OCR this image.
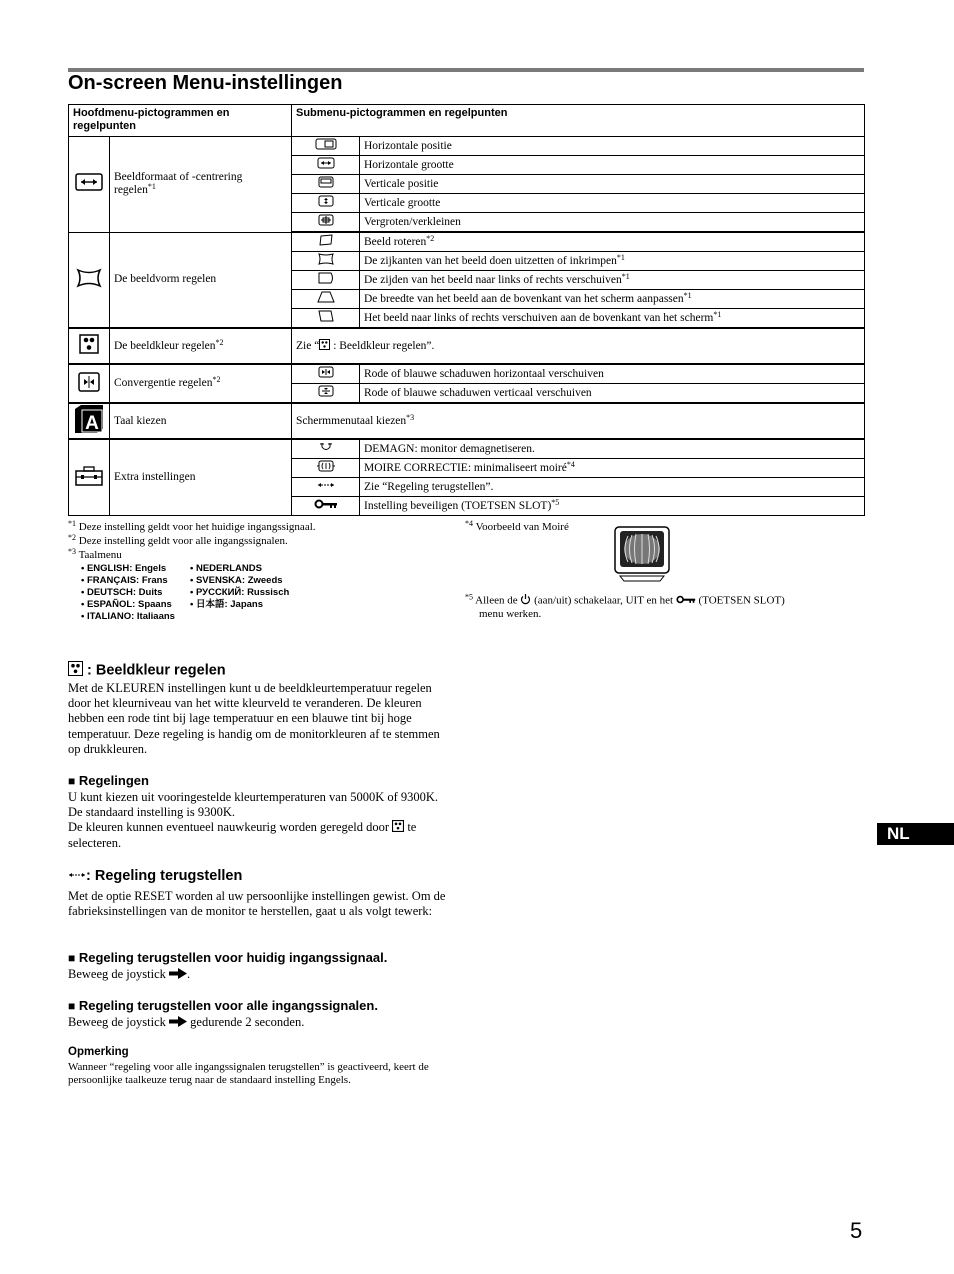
On-screen Menu-instellingen
Hoofdmenu-pictogrammen en regelpunten		Submenu-pictogrammen en regelpunten	
	Beeldformaat of -centrering regelen$^{*1}$		Horizontale positie
	Horizontale grootte
	Verticale positie
	Verticale grootte
	Vergroten/verkleinen
	De beeldvorm regelen		Beeld roteren$^{*2}$
	De zijkanten van het beeld doen uitzetten of inkrimpen$^{*1}$
	De zijden van het beeld naar links of rechts verschuiven$^{*1}$
	De breedte van het beeld aan de bovenkant van het scherm aanpassen$^{*1}$
	Het beeld naar links of rechts verschuiven aan de bovenkant van het scherm$^{*1}$
	De beeldkleur regelen$^{*2}$	Zie “ : Beeldkleur regelen”.	
	Convergentie regelen$^{*2}$		Rode of blauwe schaduwen horizontaal verschuiven
	Rode of blauwe schaduwen verticaal verschuiven

A	Taal kiezen	Schermmenutaal kiezen$^{*3}$
	Extra instellingen		DEMAGN: monitor demagnetiseren.
	MOIRE CORRECTIE: minimaliseert moiré$^{*4}$
	Zie “Regeling terugstellen”.
	Instelling beveiligen (TOETSEN SLOT)$^{*5}$
$^{*1}$ Deze instelling geldt voor het huidige ingangssignaal.
$^{*2}$ Deze instelling geldt voor alle ingangssignalen.
$^{*3}$ Taalmenu
• ENGLISH: Engels
• FRANÇAIS: Frans
• DEUTSCH: Duits
• ESPAÑOL: Spaans
• ITALIANO: Italiaans
• NEDERLANDS
• SVENSKA: Zweeds
• РУССКИЙ: Russisch
• 日本語: Japans
$^{*4}$ Voorbeeld van Moiré
$^{*5}$ Alleen de  (aan/uit) schakelaar, UIT en het  (TOETSEN SLOT)
menu werken.
: Beeldkleur regelen
Met de KLEUREN instellingen kunt u de beeldkleurtemperatuur regelen door het kleurniveau van het witte kleurveld te veranderen. De kleuren hebben een rode tint bij lage temperatuur en een blauwe tint bij hoge temperatuur. Deze regeling is handig om de monitorkleuren af te stemmen op drukkleuren.
■ Regelingen
U kunt kiezen uit vooringestelde kleurtemperaturen van 5000K of 9300K. De standaard instelling is 9300K.
De kleuren kunnen eventueel nauwkeurig worden geregeld door  te selecteren.
: Regeling terugstellen
Met de optie RESET worden al uw persoonlijke instellingen gewist. Om de fabrieksinstellingen van de monitor te herstellen, gaat u als volgt tewerk:
■ Regeling terugstellen voor huidig ingangssignaal.
Beweeg de joystick .
■ Regeling terugstellen voor alle ingangssignalen.
Beweeg de joystick  gedurende 2 seconden.
Opmerking
Wanneer “regeling voor alle ingangssignalen terugstellen” is geactiveerd, keert de persoonlijke taalkeuze terug naar de standaard instelling Engels.
NL
5
